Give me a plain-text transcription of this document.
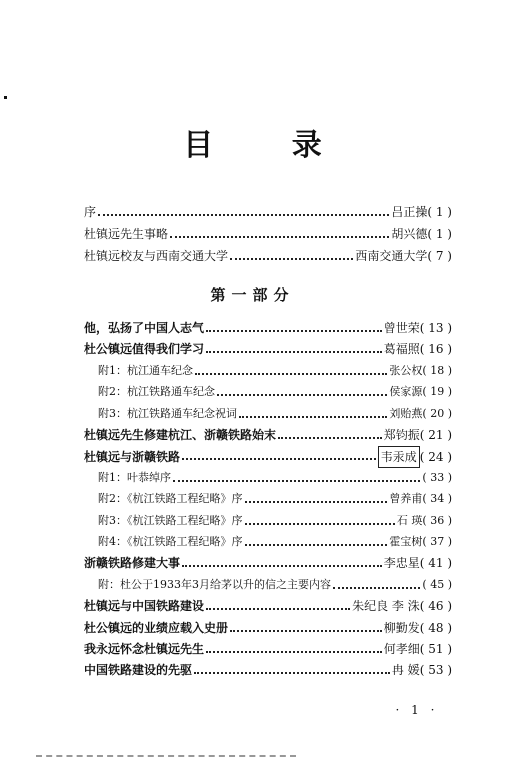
目 录
序	吕正操 ( 1 )
杜镇远先生事略	胡兴德 ( 1 )
杜镇远校友与西南交通大学	西南交通大学 ( 7 )
第一部分
他，弘扬了中国人志气	曾世荣 ( 13 )
杜公镇远值得我们学习	葛福照 ( 16 )
附1：杭江通车纪念	张公权 ( 18 )
附2：杭江铁路通车纪念	侯家源 ( 19 )
附3：杭江铁路通车纪念祝词	刘贻燕 ( 20 )
杜镇远先生修建杭江、浙赣铁路始末	郑钧振 ( 21 )
杜镇远与浙赣铁路	韦汞成 ( 24 )
附1：叶恭绰序	( 33 )
附2：《杭江铁路工程纪略》序	曾养甫 ( 34 )
附3：《杭江铁路工程纪略》序	石 瑛 ( 36 )
附4：《杭江铁路工程纪略》序	霍宝树 ( 37 )
浙赣铁路修建大事	李忠星 ( 41 )
附：杜公于1933年3月给茅以升的信之主要内容	( 45 )
杜镇远与中国铁路建设	朱纪良 李 洙 ( 46 )
杜公镇远的业绩应载入史册	柳勤发 ( 48 )
我永远怀念杜镇远先生	何孝细 ( 51 )
中国铁路建设的先驱	冉 媛 ( 53 )
· 1 ·
